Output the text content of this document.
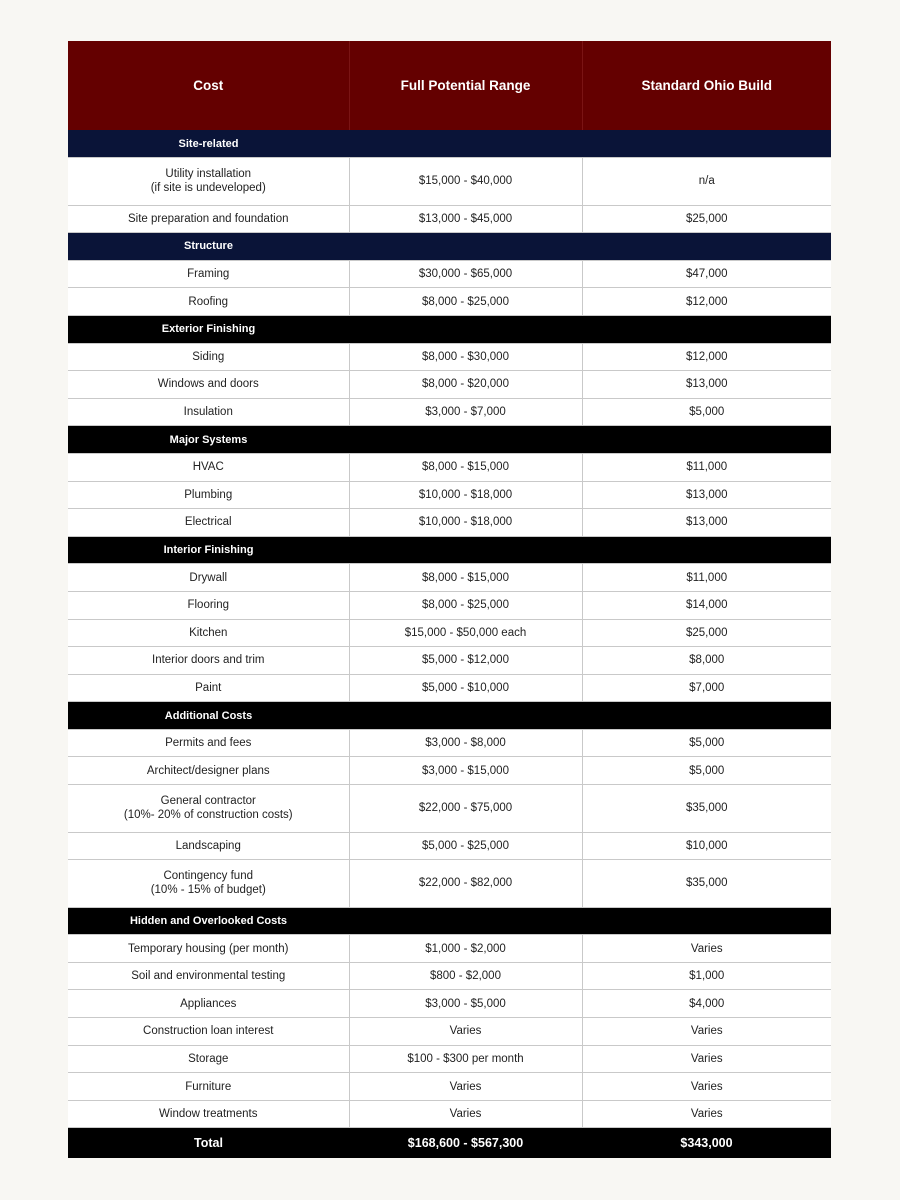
Cost	Full Potential Range	Standard Ohio Build
Site-related		

Utility installation
(if site is undeveloped)	$15,000 - $40,000	n/a

Site preparation and foundation	$13,000 - $45,000	$25,000
Structure		

Framing	$30,000 - $65,000	$47,000

Roofing	$8,000 - $25,000	$12,000
Exterior Finishing		

Siding	$8,000 - $30,000	$12,000

Windows and doors	$8,000 - $20,000	$13,000

Insulation	$3,000 - $7,000	$5,000
Major Systems		

HVAC	$8,000 - $15,000	$11,000

Plumbing	$10,000 - $18,000	$13,000

Electrical	$10,000 - $18,000	$13,000
Interior Finishing		

Drywall	$8,000 - $15,000	$11,000

Flooring	$8,000 - $25,000	$14,000

Kitchen	$15,000 - $50,000 each	$25,000

Interior doors and trim	$5,000 - $12,000	$8,000

Paint	$5,000 - $10,000	$7,000
Additional Costs		

Permits and fees	$3,000 - $8,000	$5,000

Architect/designer plans	$3,000 - $15,000	$5,000

General contractor
(10%- 20% of construction costs)	$22,000 - $75,000	$35,000

Landscaping	$5,000 - $25,000	$10,000

Contingency fund
(10% - 15% of budget)	$22,000 - $82,000	$35,000
Hidden and Overlooked Costs		

Temporary housing (per month)	$1,000 - $2,000	Varies

Soil and environmental testing	$800 - $2,000	$1,000

Appliances	$3,000 - $5,000	$4,000

Construction loan interest	Varies	Varies

Storage	$100 - $300 per month	Varies

Furniture	Varies	Varies

Window treatments	Varies	Varies
Total	$168,600 - $567,300	$343,000
